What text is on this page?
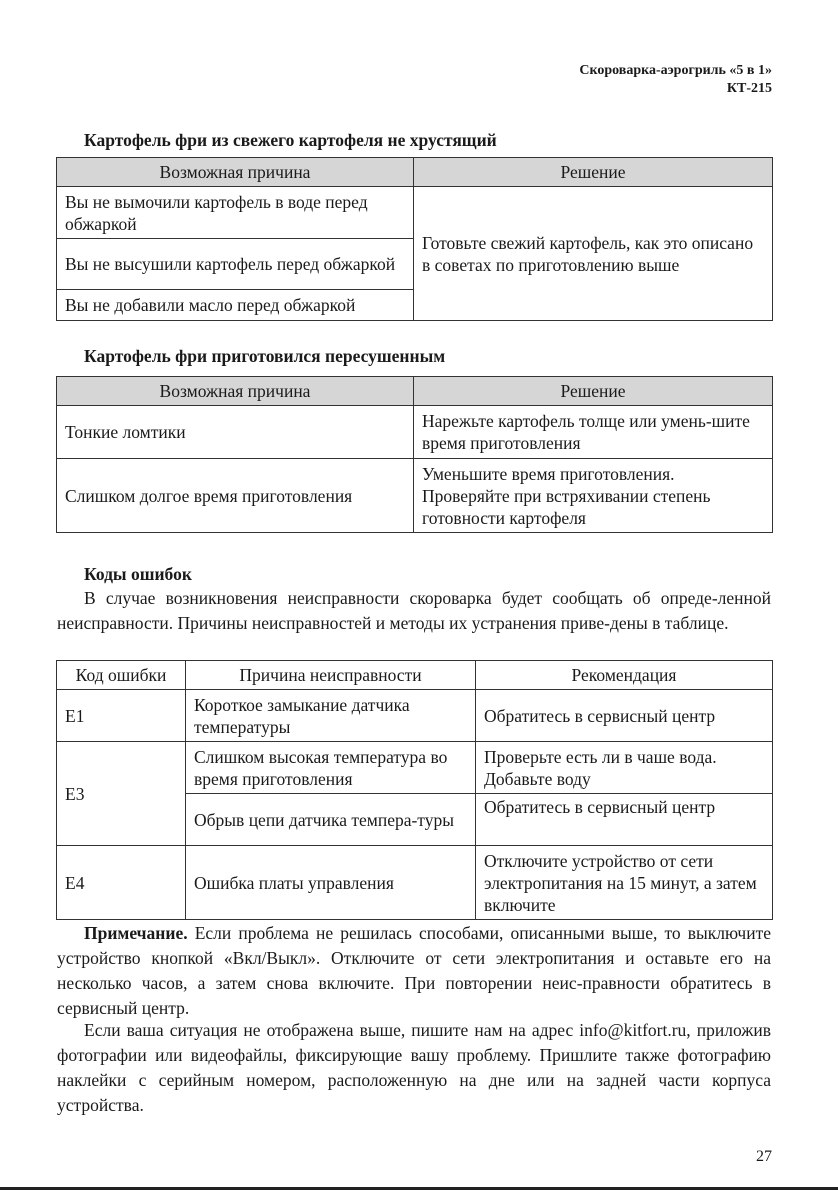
Скороварка-аэрогриль «5 в 1»
КТ-215
Картофель фри из свежего картофеля не хрустящий
Возможная причина	Решение
Вы не вымочили картофель в воде перед обжаркой	Готовьте свежий картофель, как это описано в советах по приготовлению выше
Вы не высушили картофель перед обжаркой	
Вы не добавили масло перед обжаркой	
Картофель фри приготовился пересушенным
Возможная причина	Решение
Тонкие ломтики	Нарежьте картофель толще или умень-шите время приготовления
Слишком долгое время приготовления	Уменьшите время приготовления. Проверяйте при встряхивании степень готовности картофеля
Коды ошибок
В случае возникновения неисправности скороварка будет сообщать об опреде-ленной неисправности. Причины неисправностей и методы их устранения приве-дены в таблице.
Код ошибки	Причина неисправности	Рекомендация
E1	Короткое замыкание датчика температуры	Обратитесь в сервисный центр
E3	Слишком высокая температура во время приготовления	Проверьте есть ли в чаше вода. Добавьте воду
	Обрыв цепи датчика темпера-туры	Обратитесь в сервисный центр
E4	Ошибка платы управления	Отключите устройство от сети электропитания на 15 минут, а затем включите
Примечание. Если проблема не решилась способами, описанными выше, то выключите устройство кнопкой «Вкл/Выкл». Отключите от сети электропитания и оставьте его на несколько часов, а затем снова включите. При повторении неис-правности обратитесь в сервисный центр.
Если ваша ситуация не отображена выше, пишите нам на адрес info@kitfort.ru, приложив фотографии или видеофайлы, фиксирующие вашу проблему. Пришлите также фотографию наклейки с серийным номером, расположенную на дне или на задней части корпуса устройства.
27
